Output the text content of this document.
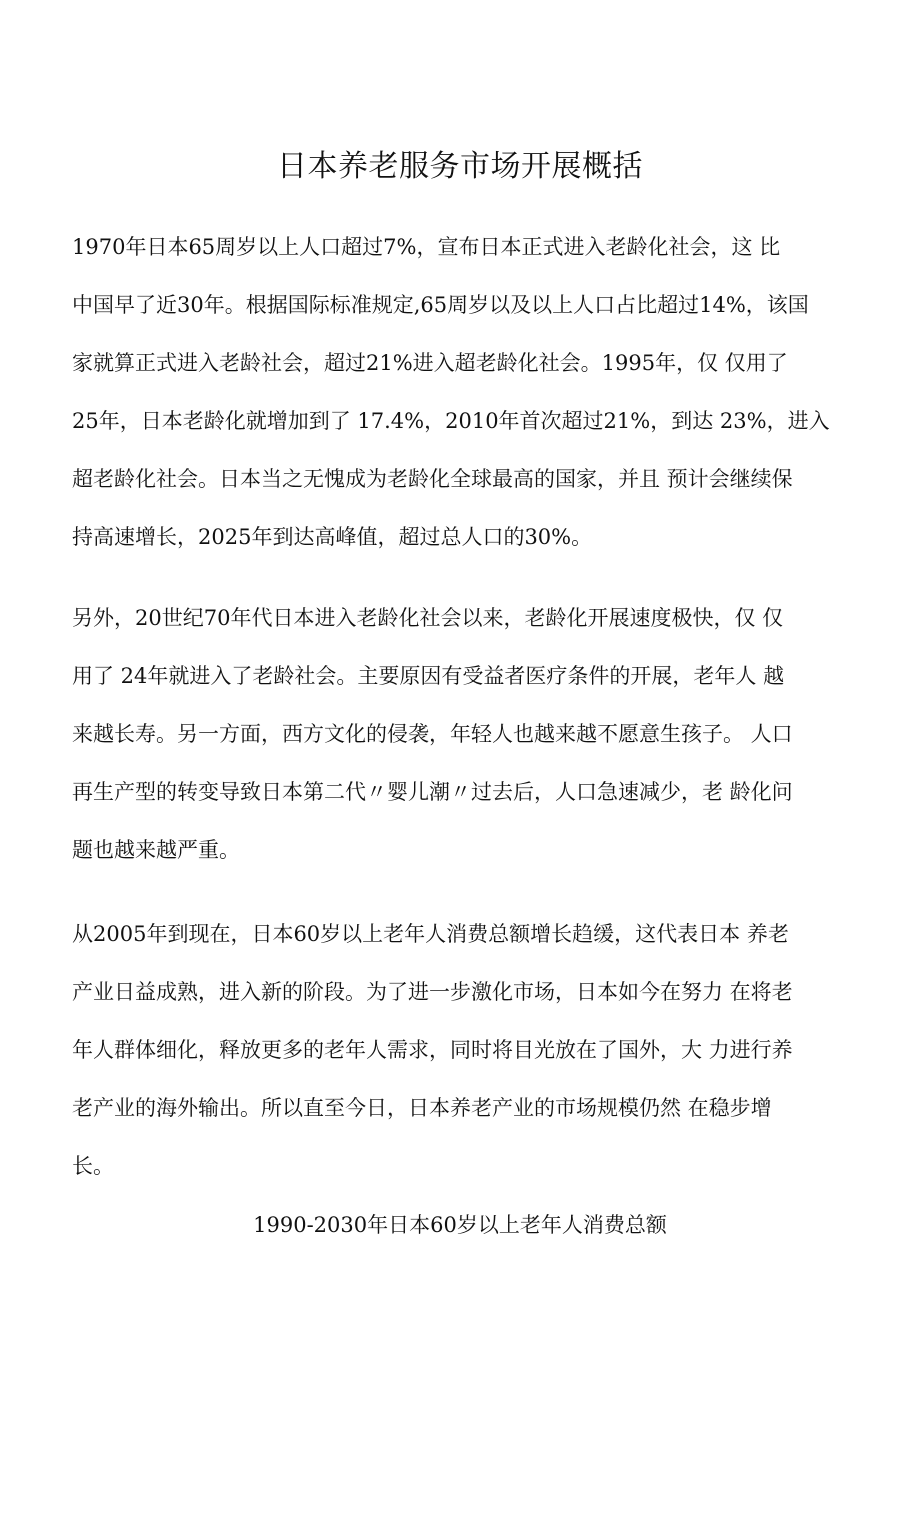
日本养老服务市场开展概括
1970年日本65周岁以上人口超过7%，宣布日本正式进入老龄化社会，这 比
中国早了近30年。根据国际标准规定,65周岁以及以上人口占比超过14%，该国
家就算正式进入老龄社会，超过21%进入超老龄化社会。1995年，仅 仅用了
25年，日本老龄化就增加到了 17.4%，2010年首次超过21%，到达 23%，进入
超老龄化社会。日本当之无愧成为老龄化全球最高的国家，并且 预计会继续保
持高速增长，2025年到达高峰值，超过总人口的30%。
另外，20世纪70年代日本进入老龄化社会以来，老龄化开展速度极快，仅 仅
用了 24年就进入了老龄社会。主要原因有受益者医疗条件的开展，老年人 越
来越长寿。另一方面，西方文化的侵袭，年轻人也越来越不愿意生孩子。 人口
再生产型的转变导致日本第二代〃婴儿潮〃过去后，人口急速减少，老 龄化问
题也越来越严重。
从2005年到现在，日本60岁以上老年人消费总额增长趋缓，这代表日本 养老
产业日益成熟，进入新的阶段。为了进一步激化市场，日本如今在努力 在将老
年人群体细化，释放更多的老年人需求，同时将目光放在了国外，大 力进行养
老产业的海外输出。所以直至今日，日本养老产业的市场规模仍然 在稳步增
长。

1990-2030年日本60岁以上老年人消费总额
